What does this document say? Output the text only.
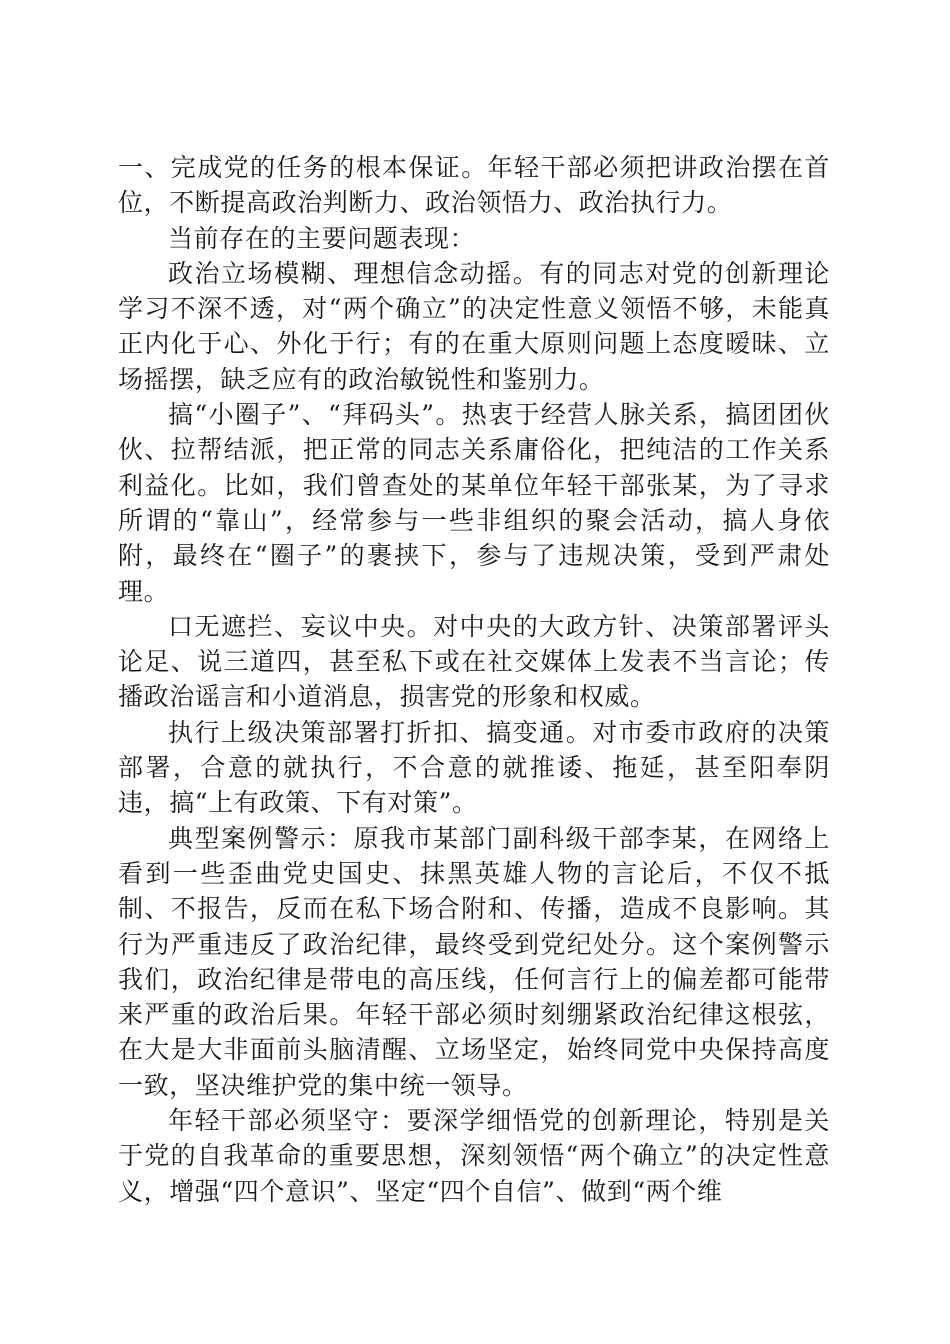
一、完成党的任务的根本保证。年轻干部必须把讲政治摆在首位，不断提高政治判断力、政治领悟力、政治执行力。

当前存在的主要问题表现：

政治立场模糊、理想信念动摇。有的同志对党的创新理论学习不深不透，对“两个确立”的决定性意义领悟不够，未能真正内化于心、外化于行；有的在重大原则问题上态度暧昧、立场摇摆，缺乏应有的政治敏锐性和鉴别力。

搞“小圈子”、“拜码头”。热衷于经营人脉关系，搞团团伙伙、拉帮结派，把正常的同志关系庸俗化，把纯洁的工作关系利益化。比如，我们曾查处的某单位年轻干部张某，为了寻求所谓的“靠山”，经常参与一些非组织的聚会活动，搞人身依附，最终在“圈子”的裹挟下，参与了违规决策，受到严肃处理。

口无遮拦、妄议中央。对中央的大政方针、决策部署评头论足、说三道四，甚至私下或在社交媒体上发表不当言论；传播政治谣言和小道消息，损害党的形象和权威。

执行上级决策部署打折扣、搞变通。对市委市政府的决策部署，合意的就执行，不合意的就推诿、拖延，甚至阳奉阴违，搞“上有政策、下有对策”。

典型案例警示：原我市某部门副科级干部李某，在网络上看到一些歪曲党史国史、抹黑英雄人物的言论后，不仅不抵制、不报告，反而在私下场合附和、传播，造成不良影响。其行为严重违反了政治纪律，最终受到党纪处分。这个案例警示我们，政治纪律是带电的高压线，任何言行上的偏差都可能带来严重的政治后果。年轻干部必须时刻绷紧政治纪律这根弦，在大是大非面前头脑清醒、立场坚定，始终同党中央保持高度一致，坚决维护党的集中统一领导。

年轻干部必须坚守：要深学细悟党的创新理论，特别是关于党的自我革命的重要思想，深刻领悟“两个确立”的决定性意义，增强“四个意识”、坚定“四个自信”、做到“两个维
